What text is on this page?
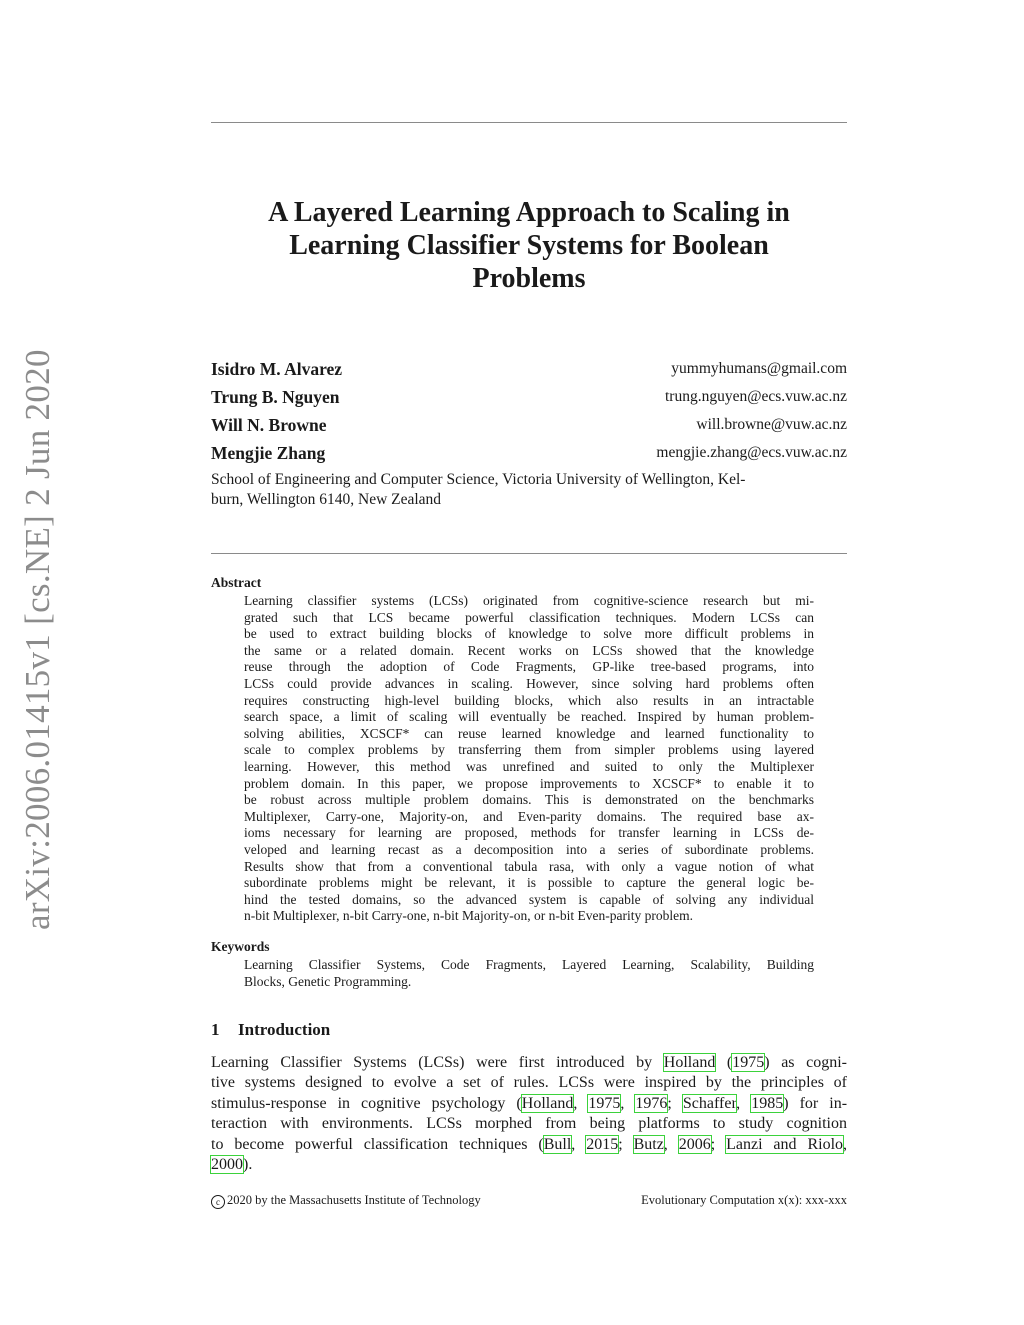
arXiv:2006.01415v1 [cs.NE] 2 Jun 2020
A Layered Learning Approach to Scaling in
Learning Classifier Systems for Boolean
Problems
Isidro M. Alvarez	yummyhumans@gmail.com
Trung B. Nguyen	trung.nguyen@ecs.vuw.ac.nz
Will N. Browne	will.browne@vuw.ac.nz
Mengjie Zhang	mengjie.zhang@ecs.vuw.ac.nz
School of Engineering and Computer Science, Victoria University of Wellington, Kel-
burn, Wellington 6140, New Zealand
Abstract
Learning classifier systems (LCSs) originated from cognitive-science research but mi-
grated such that LCS became powerful classification techniques. Modern LCSs can
be used to extract building blocks of knowledge to solve more difficult problems in
the same or a related domain. Recent works on LCSs showed that the knowledge
reuse through the adoption of Code Fragments, GP-like tree-based programs, into
LCSs could provide advances in scaling. However, since solving hard problems often
requires constructing high-level building blocks, which also results in an intractable
search space, a limit of scaling will eventually be reached. Inspired by human problem-
solving abilities, XCSCF* can reuse learned knowledge and learned functionality to
scale to complex problems by transferring them from simpler problems using layered
learning. However, this method was unrefined and suited to only the Multiplexer
problem domain. In this paper, we propose improvements to XCSCF* to enable it to
be robust across multiple problem domains. This is demonstrated on the benchmarks
Multiplexer, Carry-one, Majority-on, and Even-parity domains. The required base ax-
ioms necessary for learning are proposed, methods for transfer learning in LCSs de-
veloped and learning recast as a decomposition into a series of subordinate problems.
Results show that from a conventional tabula rasa, with only a vague notion of what
subordinate problems might be relevant, it is possible to capture the general logic be-
hind the tested domains, so the advanced system is capable of solving any individual
n-bit Multiplexer, n-bit Carry-one, n-bit Majority-on, or n-bit Even-parity problem.
Keywords
Learning Classifier Systems, Code Fragments, Layered Learning, Scalability, Building
Blocks, Genetic Programming.
1 Introduction
Learning Classifier Systems (LCSs) were first introduced by Holland (1975) as cogni-
tive systems designed to evolve a set of rules. LCSs were inspired by the principles of
stimulus-response in cognitive psychology (Holland, 1975, 1976; Schaffer, 1985) for in-
teraction with environments. LCSs morphed from being platforms to study cognition
to become powerful classification techniques (Bull, 2015; Butz, 2006; Lanzi and Riolo,
2000).
c 2020 by the Massachusetts Institute of Technology	Evolutionary Computation x(x): xxx-xxx
